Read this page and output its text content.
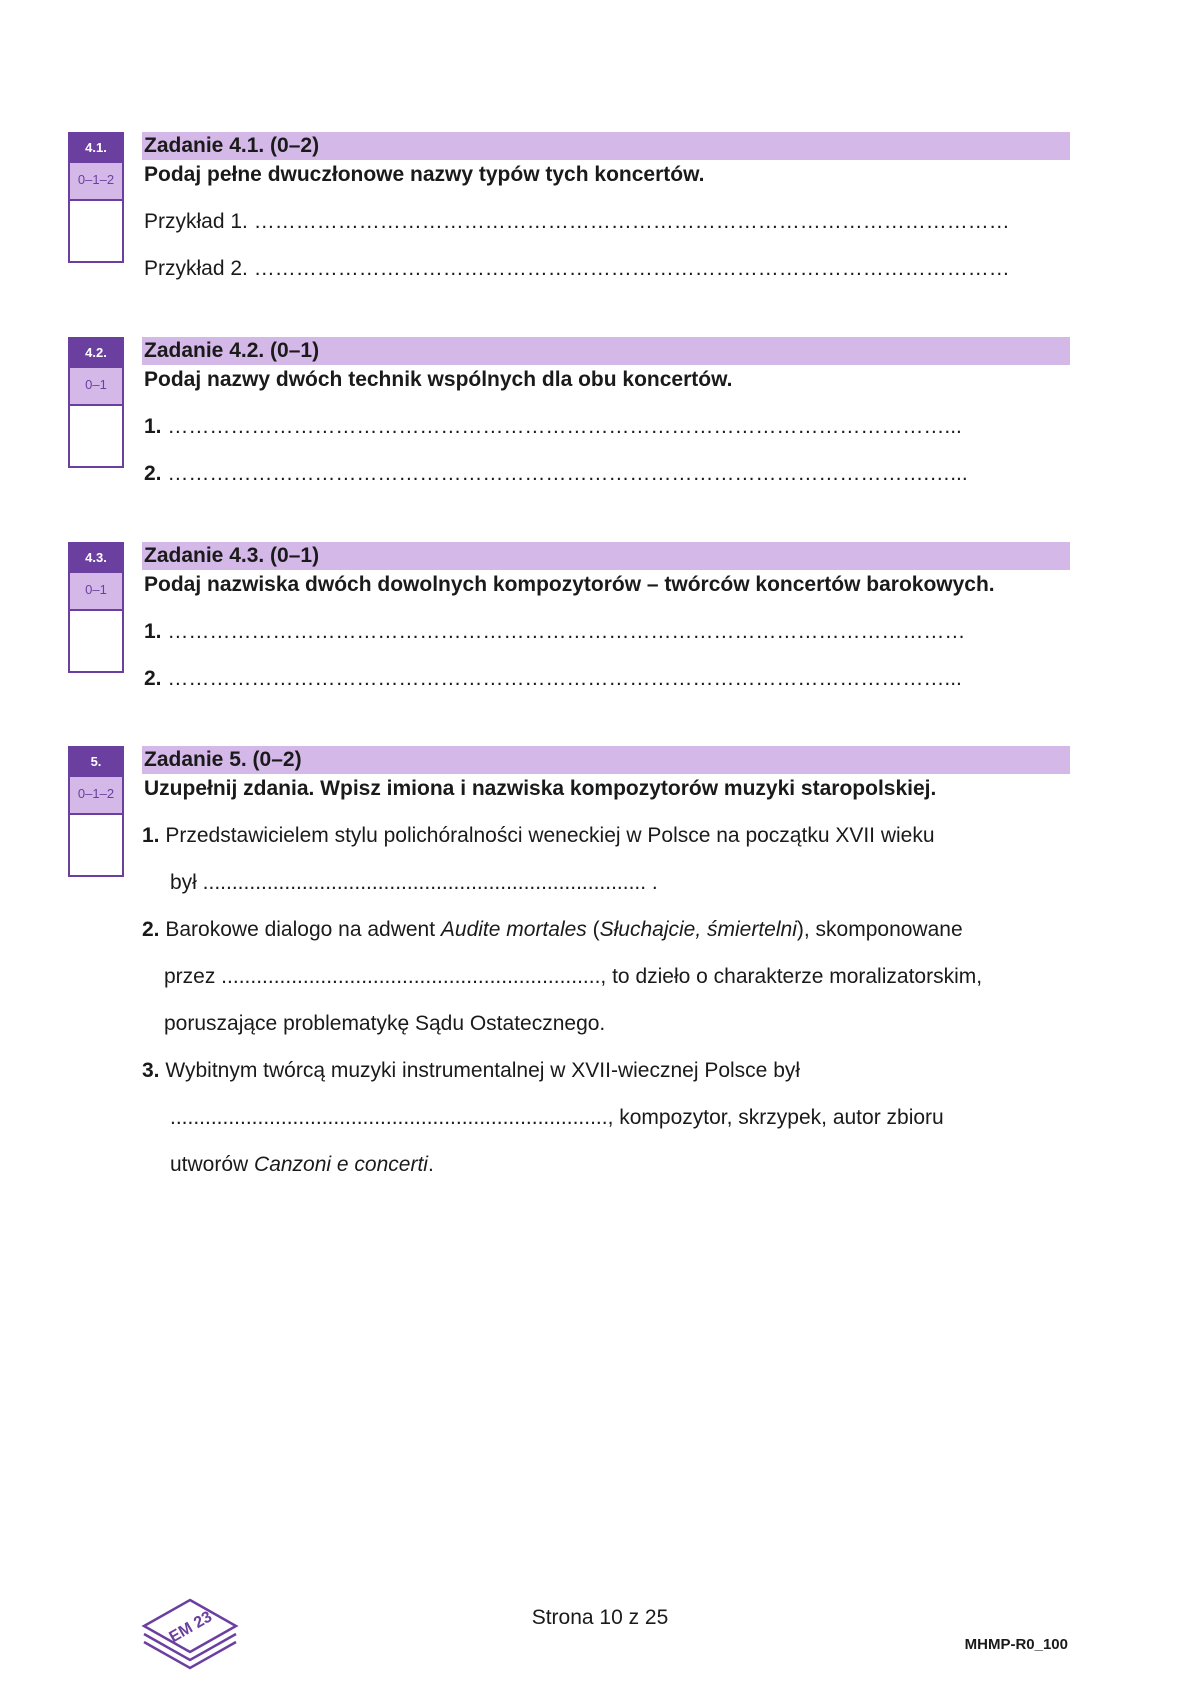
4.1.
0–1–2
Zadanie 4.1. (0–2)
Podaj pełne dwuczłonowe nazwy typów tych koncertów.
Przykład 1. ………………………………………………………………………………………………
Przykład 2. ………………………………………………………………………………………………
4.2.
0–1
Zadanie 4.2. (0–1)
Podaj nazwy dwóch technik wspólnych dla obu koncertów.
1. …………………………………………………………………………………………………...
2. ……………………………………………………………………………………………….…...
4.3.
0–1
Zadanie 4.3. (0–1)
Podaj nazwiska dwóch dowolnych kompozytorów – twórców koncertów barokowych.
1. ……………………………………………………………………………………………………
2. …………………………………………………………………………………………………...
5.
0–1–2
Zadanie 5. (0–2)
Uzupełnij zdania. Wpisz imiona i nazwiska kompozytorów muzyki staropolskiej.
1. Przedstawicielem stylu polichóralności weneckiej w Polsce na początku XVII wieku
był ............................................................................ .
2. Barokowe dialogo na adwent Audite mortales (Słuchajcie, śmiertelni), skomponowane
przez ................................................................., to dzieło o charakterze moralizatorskim,
poruszające problematykę Sądu Ostatecznego.
3. Wybitnym twórcą muzyki instrumentalnej w XVII-wiecznej Polsce był
..........................................................................., kompozytor, skrzypek, autor zbioru
utworów Canzoni e concerti.
EM 23	Strona 10 z 25
MHMP-R0_100
